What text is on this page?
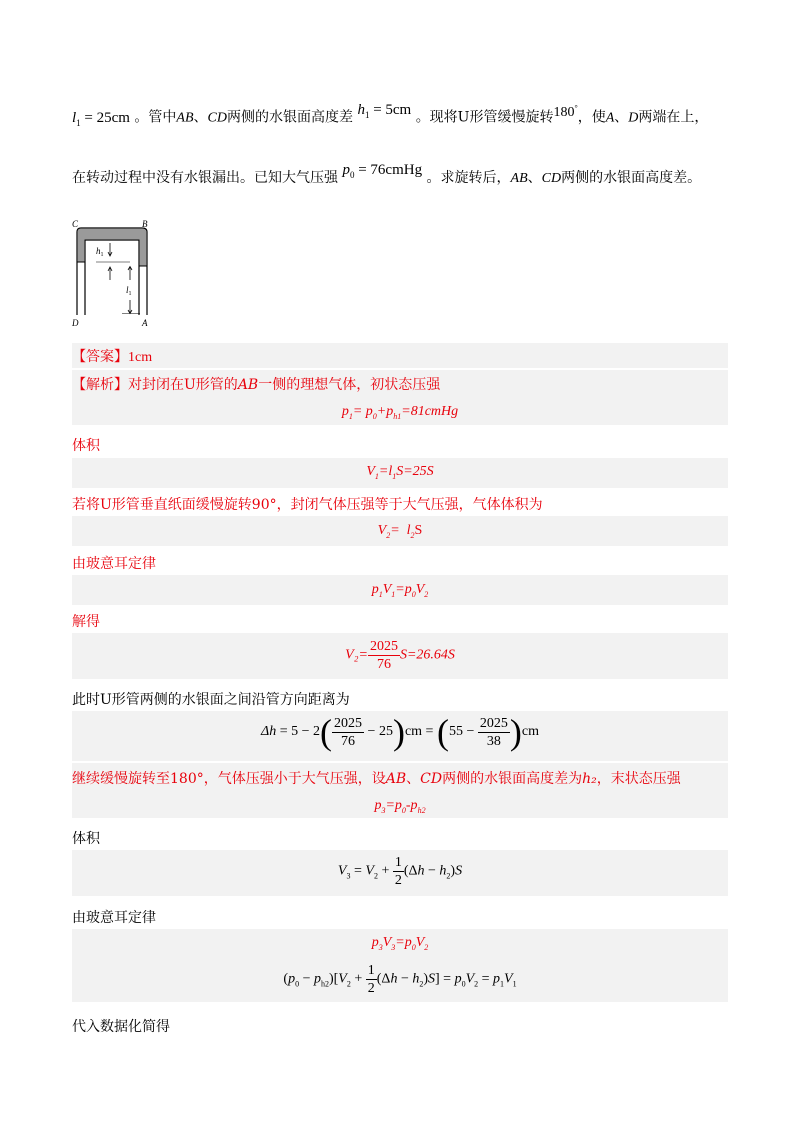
$l_1 = 25cm$ 。管中AB、CD两侧的水银面高度差 $h_1 = 5cm$ 。现将U形管缓慢旋转180°，使A、D两端在上，
在转动过程中没有水银漏出。已知大气压强 $p_0$ = 76cmHg 。求旋转后，AB、CD两侧的水银面高度差。
C	B
D	A
$h_1$
$l_1$
【答案】1cm
【解析】对封闭在U形管的AB一侧的理想气体，初状态压强
$p_1=$ $p_0+p_{h1}=81cmHg$
体积
$V_1=l_1S=25S$
若将U形管垂直纸面缓慢旋转90°，封闭气体压强等于大气压强，气体体积为
$V_2= l_2S$
由玻意耳定律
$p_1V_1=p_0V_2$
解得
$V_2= \frac{2025}{76} S=26.64S$
此时U形管两侧的水银面之间沿管方向距离为
$\Delta h = 5 - 2( \frac{2025}{76} - 25)cm = (55 - \frac{2025}{38} )cm$
继续缓慢旋转至180°，气体压强小于大气压强，设AB、CD两侧的水银面高度差为h₂，末状态压强
$p_3=p_0-p_{h2}$
体积
$V_3 = V_2 + \frac{1}{2} (\Delta h - h_2)S$
由玻意耳定律
$p_3V_3=p_0V_2$
$(p_0 - p_{h2})[V_2 + \frac{1}{2} (\Delta h - h_2)S] = p_0V_2 = p_1V_1$
代入数据化简得
